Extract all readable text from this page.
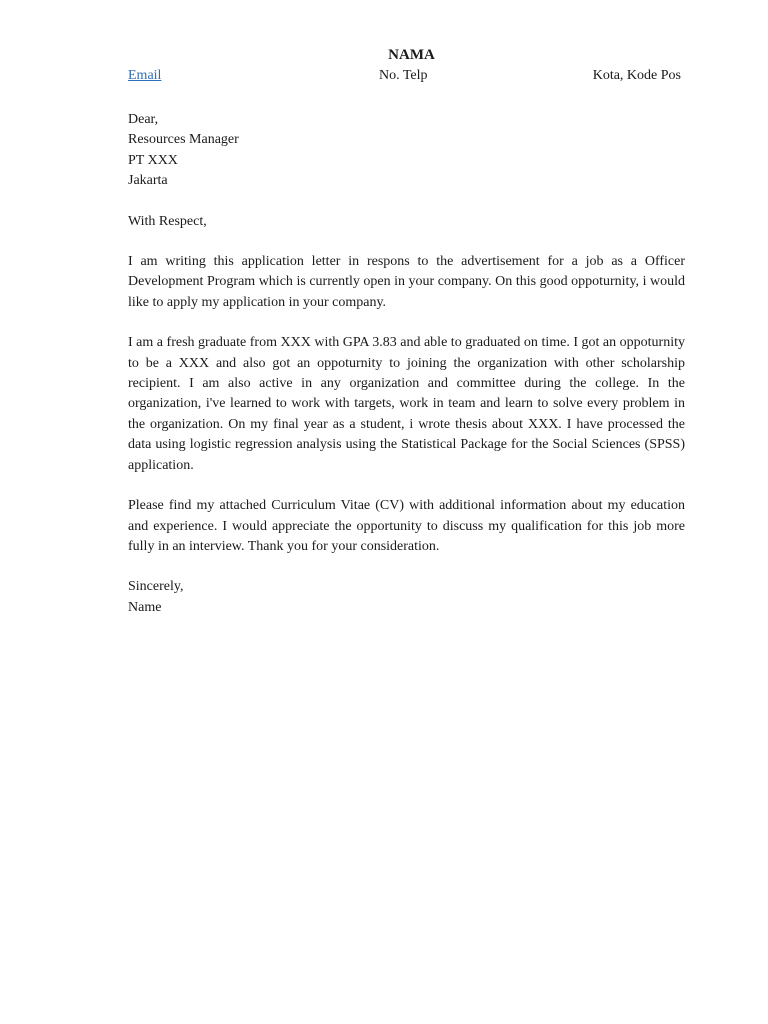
NAMA
Email	No. Telp	Kota, Kode Pos
Dear,
Resources Manager
PT XXX
Jakarta
With Respect,
I am writing this application letter in respons to the advertisement for a job as a Officer Development Program which is currently open in your company. On this good oppoturnity, i would like to apply my application in your company.
I am a fresh graduate from XXX with GPA 3.83 and able to graduated on time. I got an oppoturnity to be a XXX and also got an oppoturnity to joining the organization with other scholarship recipient. I am also active in any organization and committee during the college. In the organization, i've learned to work with targets, work in team and learn to solve every problem in the organization. On my final year as a student, i wrote thesis about XXX. I have processed the data using logistic regression analysis using the Statistical Package for the Social Sciences (SPSS) application.
Please find my attached Curriculum Vitae (CV) with additional information about my education and experience. I would appreciate the opportunity to discuss my qualification for this job more fully in an interview. Thank you for your consideration.
Sincerely,
Name
